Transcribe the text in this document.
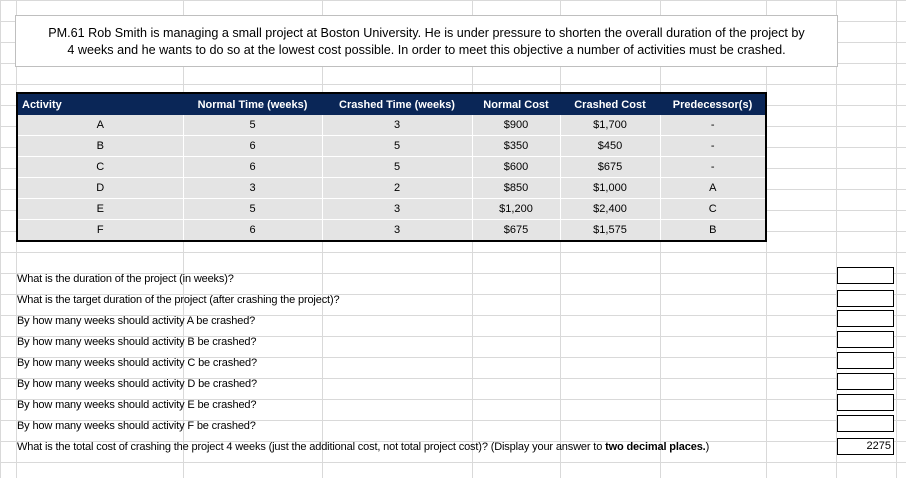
PM.61 Rob Smith is managing a small project at Boston University. He is under pressure to shorten the overall duration of the project by
4 weeks and he wants to do so at the lowest cost possible. In order to meet this objective a number of activities must be crashed.
Activity	Normal Time (weeks)	Crashed Time (weeks)	Normal Cost	Crashed Cost	Predecessor(s)
A	5	3	$900	$1,700	-
B	6	5	$350	$450	-
C	6	5	$600	$675	-
D	3	2	$850	$1,000	A
E	5	3	$1,200	$2,400	C
F	6	3	$675	$1,575	B
What is the duration of the project (in weeks)?
What is the target duration of the project (after crashing the project)?
By how many weeks should activity A be crashed?
By how many weeks should activity B be crashed?
By how many weeks should activity C be crashed?
By how many weeks should activity D be crashed?
By how many weeks should activity E be crashed?
By how many weeks should activity F be crashed?
What is the total cost of crashing the project 4 weeks (just the additional cost, not total project cost)? (Display your answer to two decimal places.)	2275
